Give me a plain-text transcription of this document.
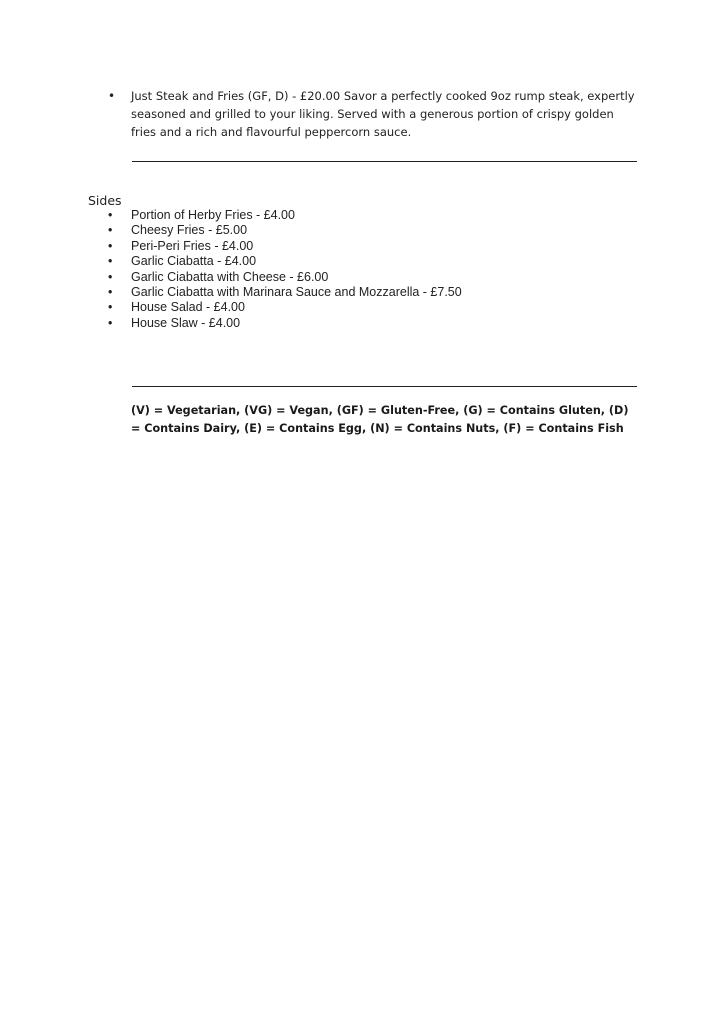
• Just Steak and Fries (GF, D) - £20.00 Savor a perfectly cooked 9oz rump steak, expertly seasoned and grilled to your liking. Served with a generous portion of crispy golden fries and a rich and flavourful peppercorn sauce.
Sides
• Portion of Herby Fries - £4.00
• Cheesy Fries - £5.00
• Peri-Peri Fries - £4.00
• Garlic Ciabatta - £4.00
• Garlic Ciabatta with Cheese - £6.00
• Garlic Ciabatta with Marinara Sauce and Mozzarella - £7.50
• House Salad - £4.00
• House Slaw - £4.00
(V) = Vegetarian, (VG) = Vegan, (GF) = Gluten-Free, (G) = Contains Gluten, (D) = Contains Dairy, (E) = Contains Egg, (N) = Contains Nuts, (F) = Contains Fish
